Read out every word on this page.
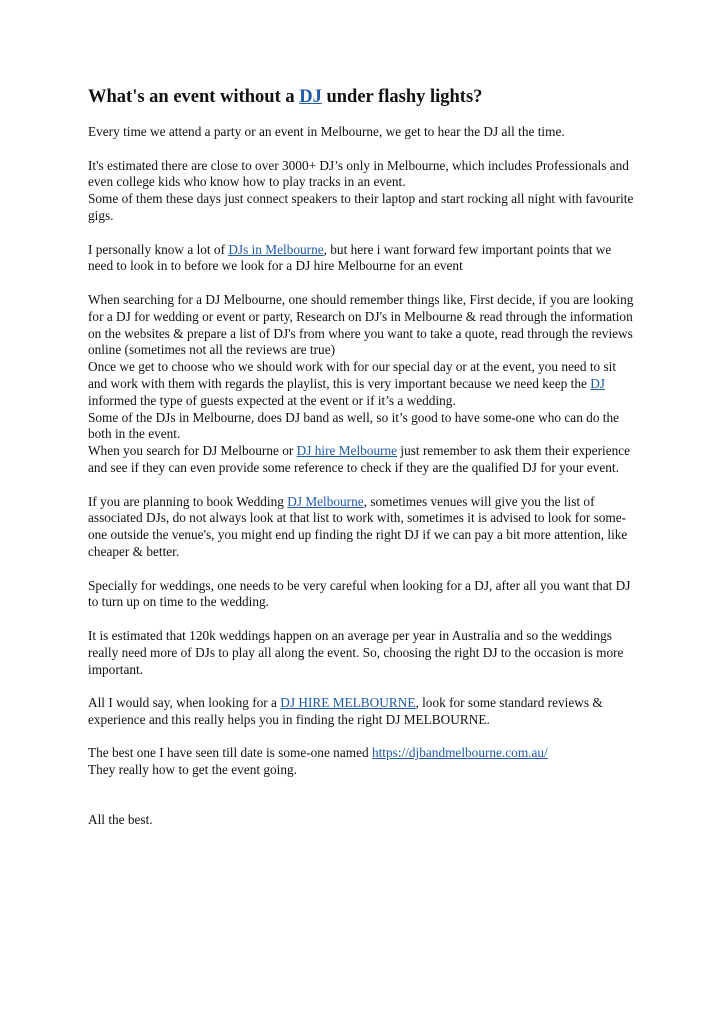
What's an event without a DJ under flashy lights?

Every time we attend a party or an event in Melbourne, we get to hear the DJ all the time.

It's estimated there are close to over 3000+ DJ’s only in Melbourne, which includes Professionals and even college kids who know how to play tracks in an event.
Some of them these days just connect speakers to their laptop and start rocking all night with favourite gigs.

I personally know a lot of DJs in Melbourne, but here i want forward few important points that we need to look in to before we look for a DJ hire Melbourne for an event

When searching for a DJ Melbourne, one should remember things like, First decide, if you are looking for a DJ for wedding or event or party, Research on DJ's in Melbourne & read through the information on the websites & prepare a list of DJ's from where you want to take a quote, read through the reviews online (sometimes not all the reviews are true)
Once we get to choose who we should work with for our special day or at the event, you need to sit and work with them with regards the playlist, this is very important because we need keep the DJ informed the type of guests expected at the event or if it’s a wedding.
Some of the DJs in Melbourne, does DJ band as well, so it’s good to have some-one who can do the both in the event.
When you search for DJ Melbourne or DJ hire Melbourne just remember to ask them their experience and see if they can even provide some reference to check if they are the qualified DJ for your event.

If you are planning to book Wedding DJ Melbourne, sometimes venues will give you the list of associated DJs, do not always look at that list to work with, sometimes it is advised to look for some-one outside the venue's, you might end up finding the right DJ if we can pay a bit more attention, like cheaper & better.

Specially for weddings, one needs to be very careful when looking for a DJ, after all you want that DJ to turn up on time to the wedding.

It is estimated that 120k weddings happen on an average per year in Australia and so the weddings really need more of DJs to play all along the event. So, choosing the right DJ to the occasion is more important.

All I would say, when looking for a DJ HIRE MELBOURNE, look for some standard reviews & experience and this really helps you in finding the right DJ MELBOURNE.

The best one I have seen till date is some-one named https://djbandmelbourne.com.au/
They really how to get the event going.

All the best.
